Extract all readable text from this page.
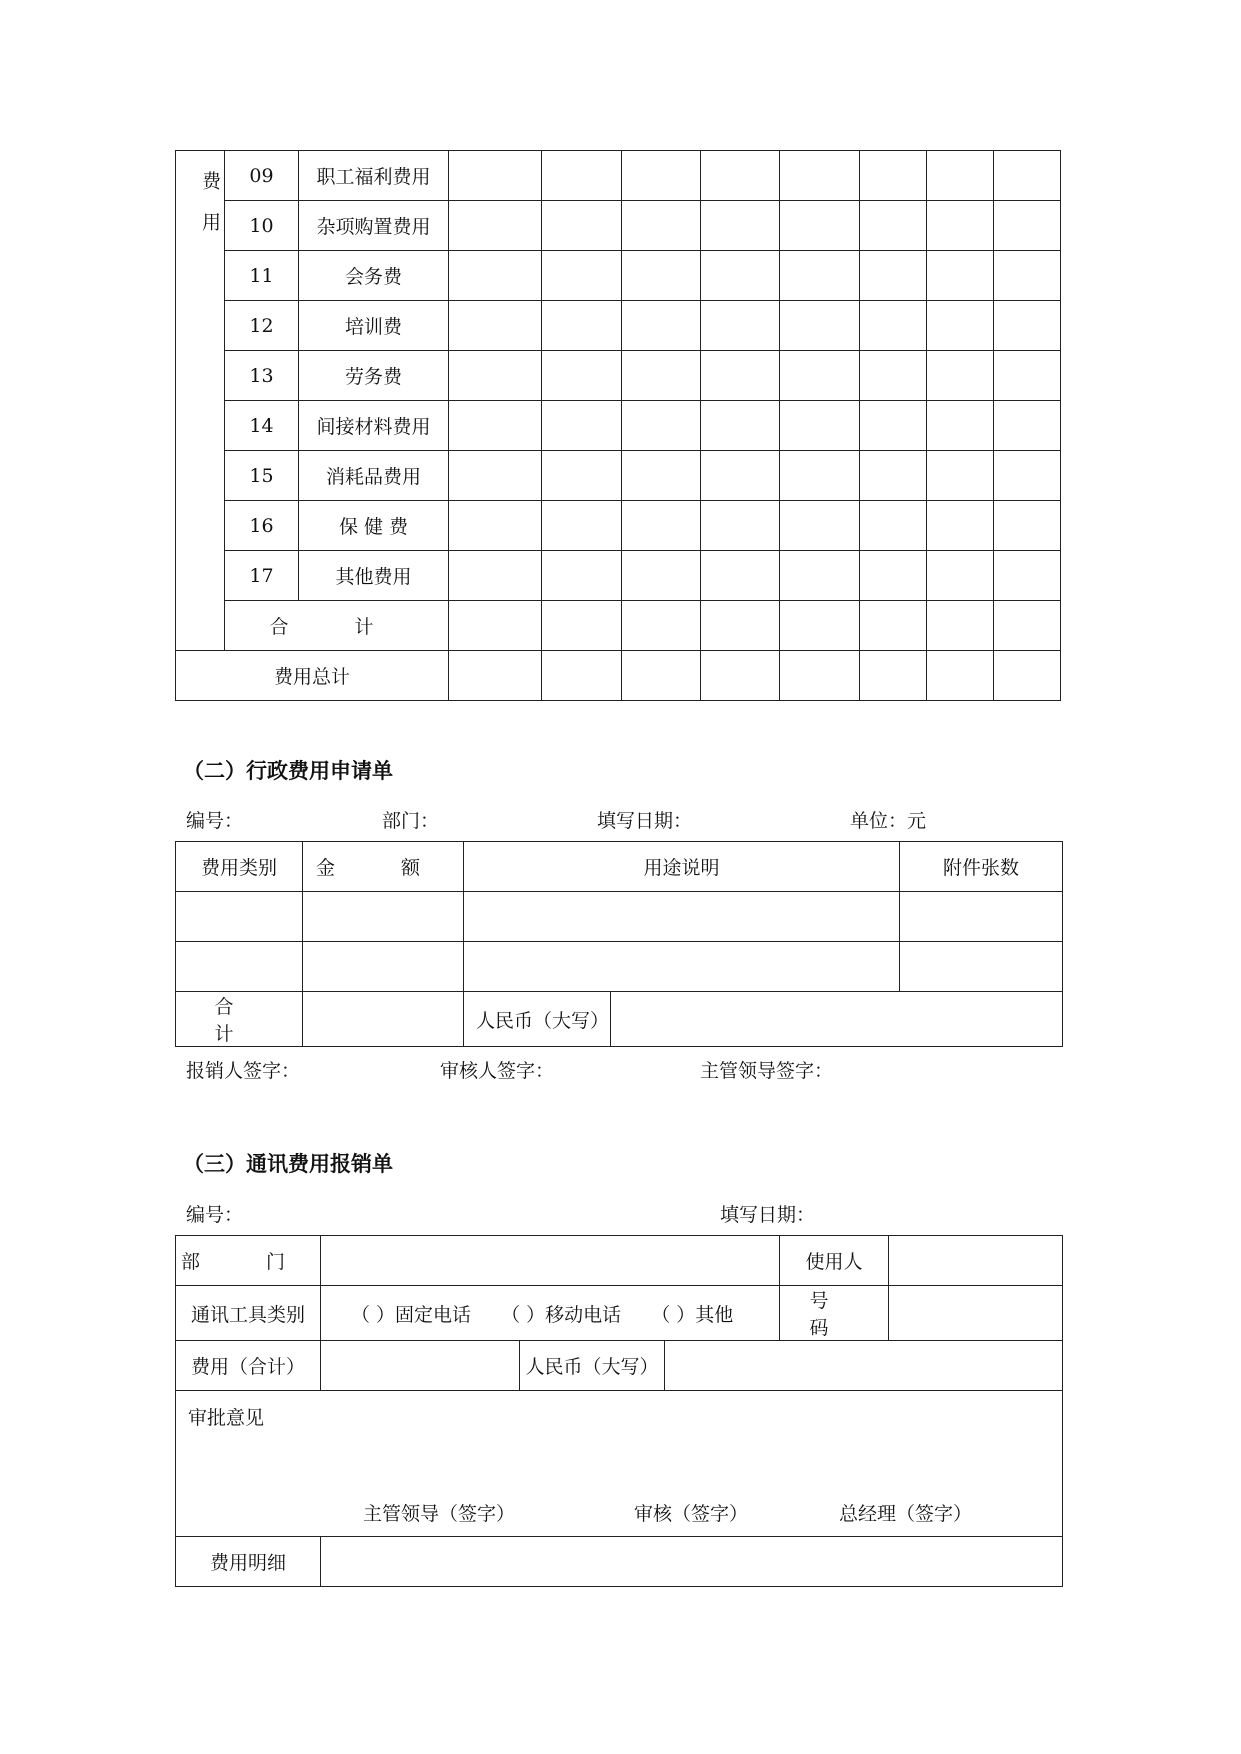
费用	09	职工福利费用								
	10	杂项购置费用								
	11	会务费								
	12	培训费								
	13	劳务费								
	14	间接材料费用								
	15	消耗品费用								
	16	保 健 费								
	17	其他费用								
	合 计									
费用总计										
（二）行政费用申请单
编号：	部门：	填写日期：	单位：元
费用类别	金 额	用途说明		附件张数

合 计		人民币（大写）		
报销人签字：	审核人签字：	主管领导签字：
（三）通讯费用报销单
编号：	填写日期：
部 门				使用人	
通讯工具类别	（ ）固定电话 （ ）移动电话 （ ）其他			号 码	
费用（合计）		人民币（大写）			

审批意见
主管领导（签字） 审核（签字） 总经理（签字）					

费用明细					
